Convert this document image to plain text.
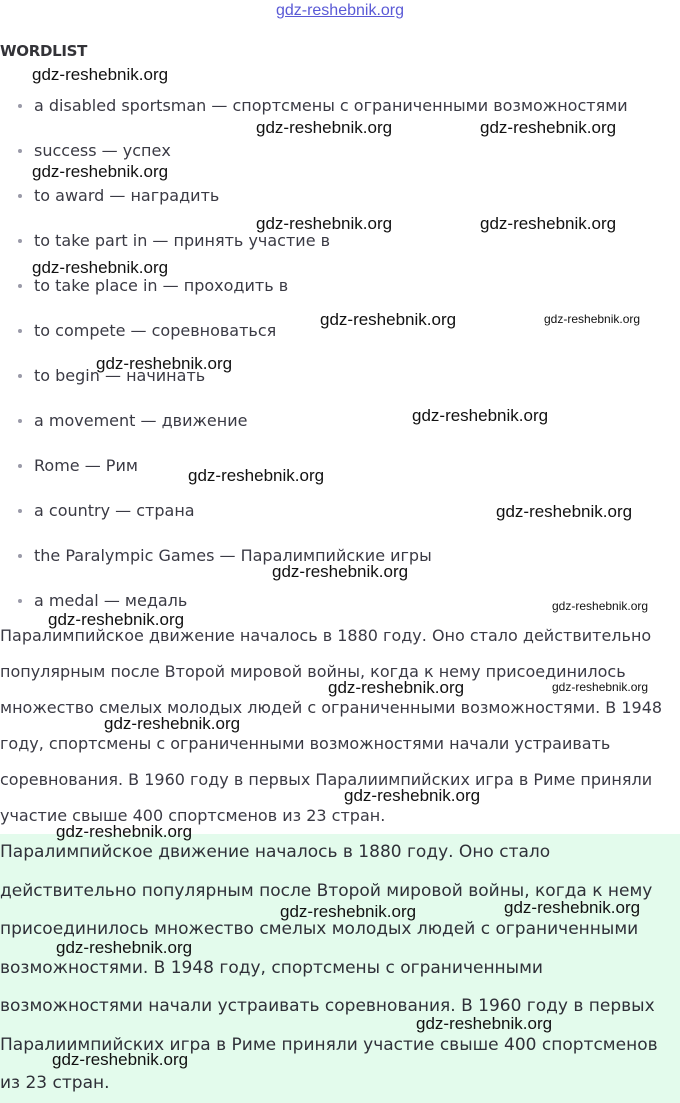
gdz-reshebnik.org
WORDLIST
a disabled sportsman — спортсмены с ограниченными возможностями
success — успех
to award — наградить
to take part in — принять участие в
to take place in — проходить в
to compete — соревноваться
to begin — начинать
a movement — движение
Rome — Рим
a country — страна
the Paralympic Games — Паралимпийские игры
a medal — медаль
Паралимпийское движение началось в 1880 году. Оно стало действительно
популярным после Второй мировой войны, когда к нему присоединилось
множество смелых молодых людей с ограниченными возможностями. В 1948
году, спортсмены с ограниченными возможностями начали устраивать
соревнования. В 1960 году в первых Паралиимпийских игра в Риме приняли
участие свыше 400 спортсменов из 23 стран.
Паралимпийское движение началось в 1880 году. Оно стало
действительно популярным после Второй мировой войны, когда к нему
присоединилось множество смелых молодых людей с ограниченными
возможностями. В 1948 году, спортсмены с ограниченными
возможностями начали устраивать соревнования. В 1960 году в первых
Паралиимпийских игра в Риме приняли участие свыше 400 спортсменов
из 23 стран.
gdz-reshebnik.org
gdz-reshebnik.org	gdz-reshebnik.org
gdz-reshebnik.org
gdz-reshebnik.org	gdz-reshebnik.org
gdz-reshebnik.org
gdz-reshebnik.org	gdz-reshebnik.org
gdz-reshebnik.org
gdz-reshebnik.org
gdz-reshebnik.org
gdz-reshebnik.org
gdz-reshebnik.org
gdz-reshebnik.org
gdz-reshebnik.org
gdz-reshebnik.org
gdz-reshebnik.org
gdz-reshebnik.org
gdz-reshebnik.org
gdz-reshebnik.org
gdz-reshebnik.org	gdz-reshebnik.org
gdz-reshebnik.org
gdz-reshebnik.org
gdz-reshebnik.org
